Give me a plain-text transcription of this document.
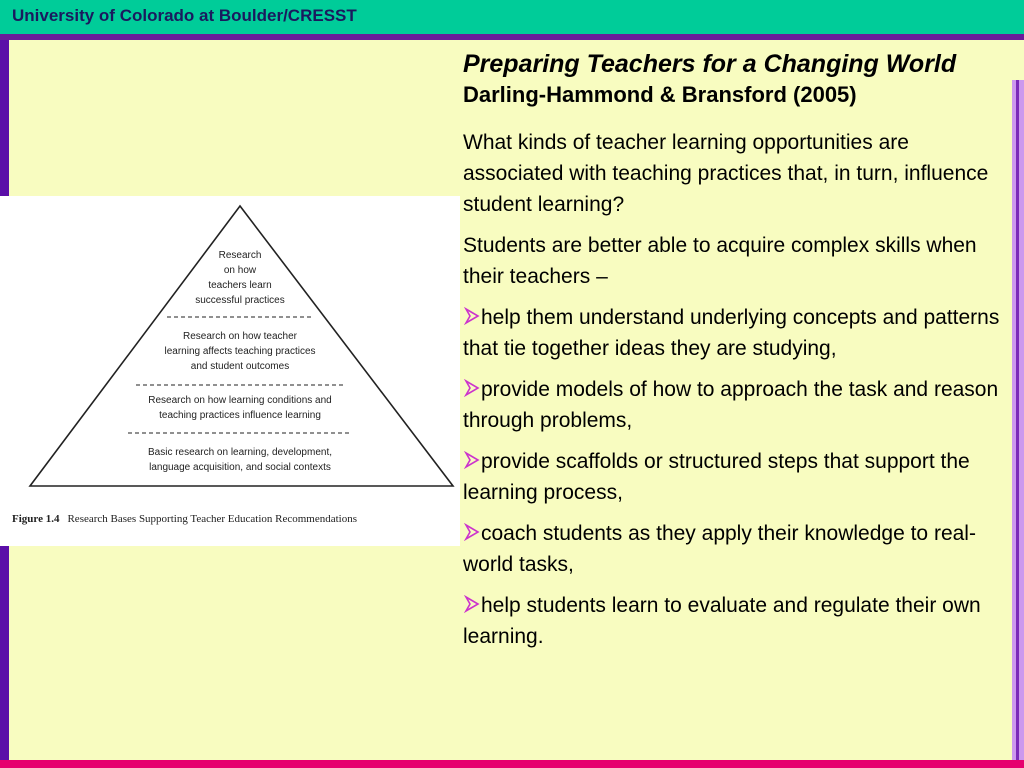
University of Colorado at Boulder/CRESST
Research
on how
teachers learn
successful practices
Research on how teacher
learning affects teaching practices
and student outcomes
Research on how learning conditions and
teaching practices influence learning
Basic research on learning, development,
language acquisition, and social contexts
Figure 1.4 Research Bases Supporting Teacher Education Recommendations
Preparing Teachers for a Changing World
Darling-Hammond & Bransford (2005)
What kinds of teacher learning opportunities are associated with teaching practices that, in turn, influence student learning?
Students are better able to acquire complex skills when their teachers –
help them understand underlying concepts and patterns that tie together ideas they are studying,
provide models of how to approach the task and reason through problems,
provide scaffolds or structured steps that support the learning process,
coach students as they apply their knowledge to real-world tasks,
help students learn to evaluate and regulate their own learning.
